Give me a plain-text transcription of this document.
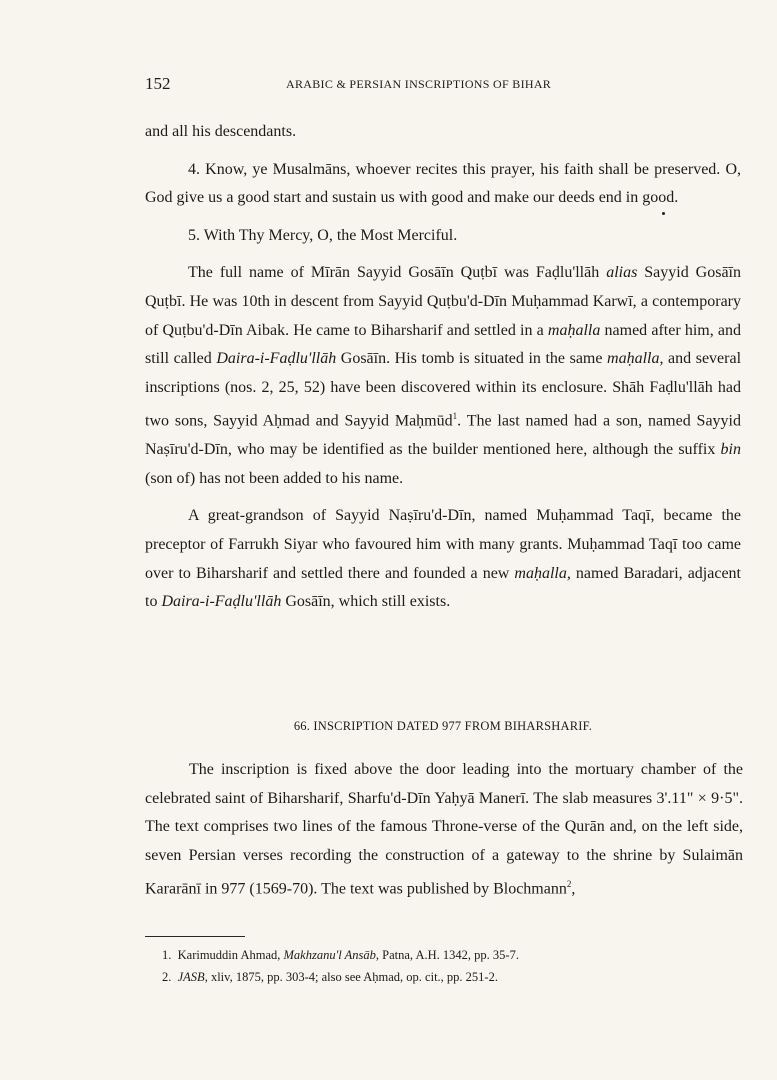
152	ARABIC & PERSIAN INSCRIPTIONS OF BIHAR

and all his descendants.

4. Know, ye Musalmāns, whoever recites this prayer, his faith shall be preserved. O, God give us a good start and sustain us with good and make our deeds end in good.

5. With Thy Mercy, O, the Most Merciful.

The full name of Mīrān Sayyid Gosāīn Quṭbī was Faḍlu'llāh alias Sayyid Gosāīn Quṭbī. He was 10th in descent from Sayyid Quṭbu'd-Dīn Muḥammad Karwī, a contemporary of Quṭbu'd-Dīn Aibak. He came to Biharsharif and settled in a maḥalla named after him, and still called Daira-i-Faḍlu'llāh Gosāīn. His tomb is situated in the same maḥalla, and several inscriptions (nos. 2, 25, 52) have been discovered within its enclosure. Shāh Faḍlu'llāh had two sons, Sayyid Aḥmad and Sayyid Maḥmūd$^1$. The last named had a son, named Sayyid Naṣīru'd-Dīn, who may be identified as the builder mentioned here, although the suffix bin (son of) has not been added to his name.

A great-grandson of Sayyid Naṣīru'd-Dīn, named Muḥammad Taqī, became the preceptor of Farrukh Siyar who favoured him with many grants. Muḥammad Taqī too came over to Biharsharif and settled there and founded a new maḥalla, named Baradari, adjacent to Daira-i-Faḍlu'llāh Gosāīn, which still exists.

66. INSCRIPTION DATED 977 FROM BIHARSHARIF.

The inscription is fixed above the door leading into the mortuary chamber of the celebrated saint of Biharsharif, Sharfu'd-Dīn Yaḥyā Manerī. The slab measures 3'.11" × 9·5". The text comprises two lines of the famous Throne-verse of the Qurān and, on the left side, seven Persian verses recording the construction of a gateway to the shrine by Sulaimān Kararānī in 977 (1569-70). The text was published by Blochmann$^2$,

1. Karimuddin Ahmad, Makhzanu'l Ansāb, Patna, A.H. 1342, pp. 35-7.
2. JASB, xliv, 1875, pp. 303-4; also see Aḥmad, op. cit., pp. 251-2.
